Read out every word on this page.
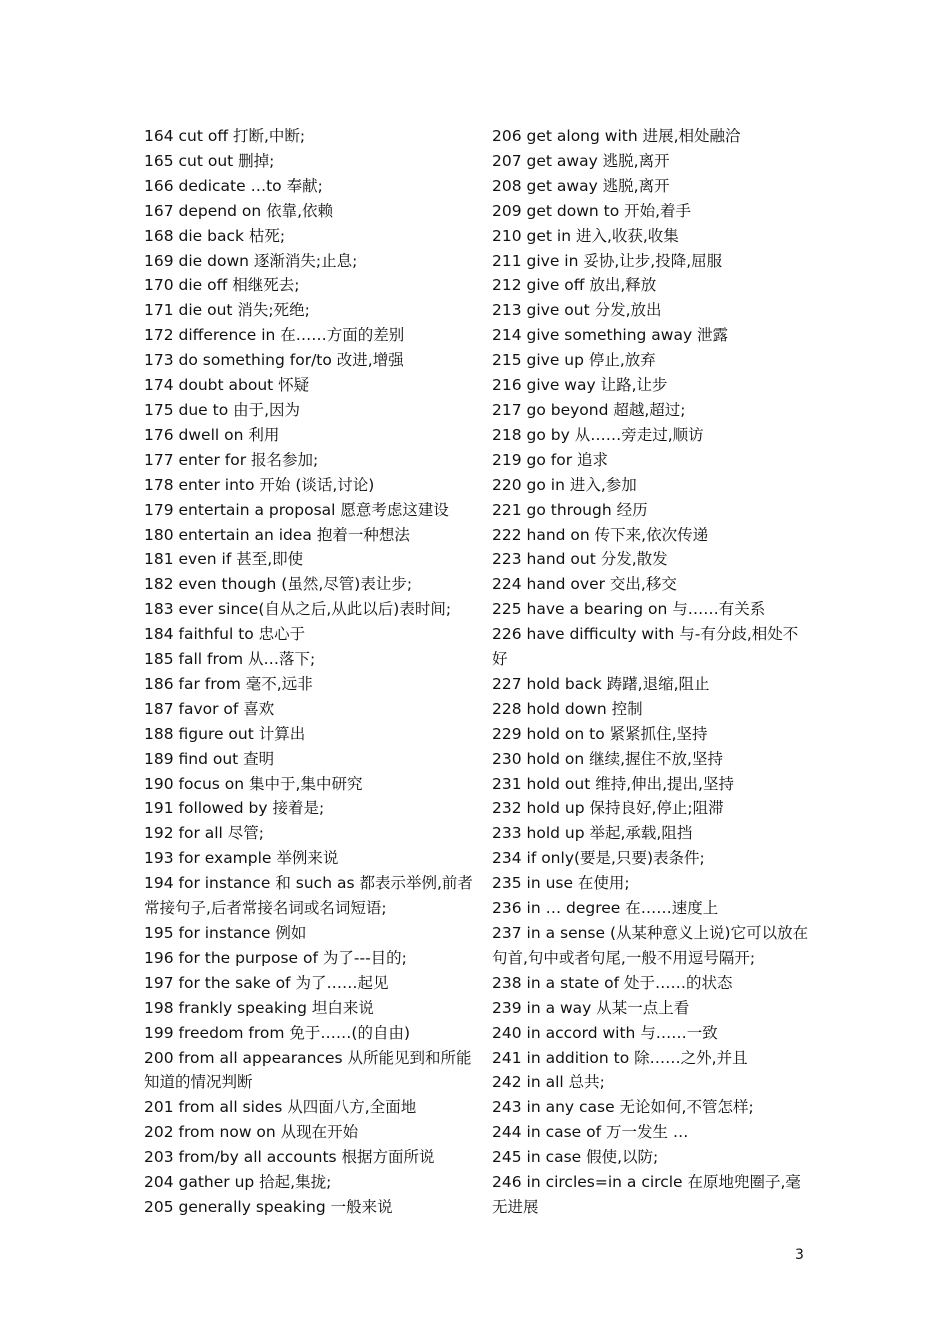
164 cut off 打断,中断;

165 cut out 删掉;

166 dedicate …to 奉献;

167 depend on 依靠,依赖

168 die back 枯死;

169 die down 逐渐消失;止息;

170 die off 相继死去;

171 die out 消失;死绝;

172 difference in 在……方面的差别

173 do something for/to 改进,增强

174 doubt about 怀疑

175 due to 由于,因为

176 dwell on 利用

177 enter for 报名参加;

178 enter into 开始 (谈话,讨论)

179 entertain a proposal 愿意考虑这建设

180 entertain an idea 抱着一种想法

181 even if 甚至,即使

182 even though (虽然,尽管)表让步;

183 ever since(自从之后,从此以后)表时间;

184 faithful to 忠心于

185 fall from 从…落下;

186 far from 毫不,远非

187 favor of 喜欢

188 figure out 计算出

189 find out 查明

190 focus on 集中于,集中研究

191 followed by 接着是;

192 for all 尽管;

193 for example 举例来说

194 for instance 和 such as 都表示举例,前者常接句子,后者常接名词或名词短语;

195 for instance 例如

196 for the purpose of 为了---目的;

197 for the sake of 为了……起见

198 frankly speaking 坦白来说

199 freedom from 免于……(的自由)

200 from all appearances 从所能见到和所能知道的情况判断

201 from all sides 从四面八方,全面地

202 from now on 从现在开始

203 from/by all accounts 根据方面所说

204 gather up 拾起,集拢;

205 generally speaking 一般来说

206 get along with 进展,相处融洽

207 get away 逃脱,离开

208 get away 逃脱,离开

209 get down to 开始,着手

210 get in 进入,收获,收集

211 give in 妥协,让步,投降,屈服

212 give off 放出,释放

213 give out 分发,放出

214 give something away 泄露

215 give up 停止,放弃

216 give way 让路,让步

217 go beyond 超越,超过;

218 go by 从……旁走过,顺访

219 go for 追求

220 go in 进入,参加

221 go through 经历

222 hand on 传下来,依次传递

223 hand out 分发,散发

224 hand over 交出,移交

225 have a bearing on 与……有关系

226 have difficulty with 与-有分歧,相处不好

227 hold back 踌躇,退缩,阻止

228 hold down 控制

229 hold on to 紧紧抓住,坚持

230 hold on 继续,握住不放,坚持

231 hold out 维持,伸出,提出,坚持

232 hold up 保持良好,停止;阻滞

233 hold up 举起,承载,阻挡

234 if only(要是,只要)表条件;

235 in use 在使用;

236 in … degree 在……速度上

237 in a sense (从某种意义上说)它可以放在句首,句中或者句尾,一般不用逗号隔开;

238 in a state of 处于……的状态

239 in a way 从某一点上看

240 in accord with 与……一致

241 in addition to 除……之外,并且

242 in all 总共;

243 in any case 无论如何,不管怎样;

244 in case of 万一发生 …

245 in case 假使,以防;

246 in circles=in a circle 在原地兜圈子,毫无进展

3
